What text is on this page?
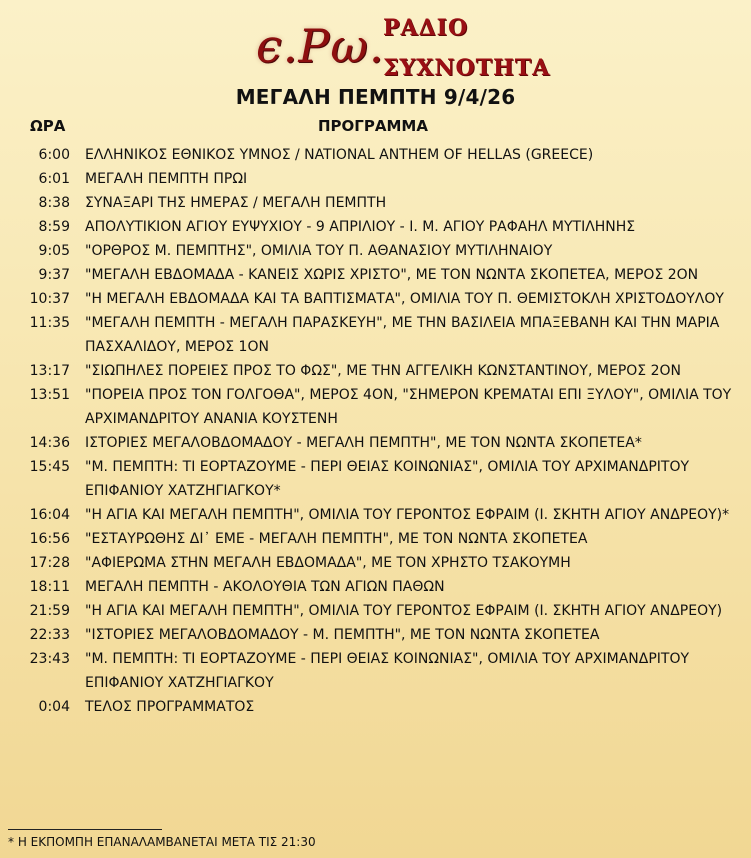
ϵ.Ρω.
ΡΑΔΙΟ
ΣΥΧΝΟΤΗΤΑ
ΜΕΓΑΛΗ ΠΕΜΠΤΗ 9/4/26
ΩΡΑ	ΠΡΟΓΡΑΜΜΑ
6:00 ΕΛΛΗΝΙΚΟΣ ΕΘΝΙΚΟΣ ΥΜΝΟΣ / NATIONAL ANTHEM OF HELLAS (GREECE)
6:01 ΜΕΓΑΛΗ ΠΕΜΠΤΗ ΠΡΩΙ
8:38 ΣΥΝΑΞΑΡΙ ΤΗΣ ΗΜΕΡΑΣ / ΜΕΓΑΛΗ ΠΕΜΠΤΗ
8:59 ΑΠΟΛΥΤΙΚΙΟΝ ΑΓΙΟΥ ΕΥΨΥΧΙΟΥ - 9 ΑΠΡΙΛΙΟΥ - Ι. Μ. ΑΓΙΟΥ ΡΑΦΑΗΛ ΜΥΤΙΛΗΝΗΣ
9:05 "ΟΡΘΡΟΣ Μ. ΠΕΜΠΤΗΣ", ΟΜΙΛΙΑ ΤΟΥ Π. ΑΘΑΝΑΣΙΟΥ ΜΥΤΙΛΗΝΑΙΟΥ
9:37 "ΜΕΓΑΛΗ ΕΒΔΟΜΑΔΑ - ΚΑΝΕΙΣ ΧΩΡΙΣ ΧΡΙΣΤΟ", ΜΕ ΤΟΝ ΝΩΝΤΑ ΣΚΟΠΕΤΕΑ, ΜΕΡΟΣ 2ΟΝ
10:37 "Η ΜΕΓΑΛΗ ΕΒΔΟΜΑΔΑ ΚΑΙ ΤΑ ΒΑΠΤΙΣΜΑΤΑ", ΟΜΙΛΙΑ ΤΟΥ Π. ΘΕΜΙΣΤΟΚΛΗ ΧΡΙΣΤΟΔΟΥΛΟΥ
11:35 "ΜΕΓΑΛΗ ΠΕΜΠΤΗ - ΜΕΓΑΛΗ ΠΑΡΑΣΚΕΥΗ", ΜΕ ΤΗΝ ΒΑΣΙΛΕΙΑ ΜΠΑΞΕΒΑΝΗ ΚΑΙ ΤΗΝ ΜΑΡΙΑ ΠΑΣΧΑΛΙΔΟΥ, ΜΕΡΟΣ 1ΟΝ
13:17 "ΣΙΩΠΗΛΕΣ ΠΟΡΕΙΕΣ ΠΡΟΣ ΤΟ ΦΩΣ", ΜΕ ΤΗΝ ΑΓΓΕΛΙΚΗ ΚΩΝΣΤΑΝΤΙΝΟΥ, ΜΕΡΟΣ 2ΟΝ
13:51 "ΠΟΡΕΙΑ ΠΡΟΣ ΤΟΝ ΓΟΛΓΟΘΑ", ΜΕΡΟΣ 4ΟΝ, "ΣΗΜΕΡΟΝ ΚΡΕΜΑΤΑΙ ΕΠΙ ΞΥΛΟΥ", ΟΜΙΛΙΑ ΤΟΥ ΑΡΧΙΜΑΝΔΡΙΤΟΥ ΑΝΑΝΙΑ ΚΟΥΣΤΕΝΗ
14:36 ΙΣΤΟΡΙΕΣ ΜΕΓΑΛΟΒΔΟΜΑΔΟΥ - ΜΕΓΑΛΗ ΠΕΜΠΤΗ", ΜΕ ΤΟΝ ΝΩΝΤΑ ΣΚΟΠΕΤΕΑ*
15:45 "Μ. ΠΕΜΠΤΗ: ΤΙ ΕΟΡΤΑΖΟΥΜΕ - ΠΕΡΙ ΘΕΙΑΣ ΚΟΙΝΩΝΙΑΣ", ΟΜΙΛΙΑ ΤΟΥ ΑΡΧΙΜΑΝΔΡΙΤΟΥ ΕΠΙΦΑΝΙΟΥ ΧΑΤΖΗΓΙΑΓΚΟΥ*
16:04 "Η ΑΓΙΑ ΚΑΙ ΜΕΓΑΛΗ ΠΕΜΠΤΗ", ΟΜΙΛΙΑ ΤΟΥ ΓΕΡΟΝΤΟΣ ΕΦΡΑΙΜ (Ι. ΣΚΗΤΗ ΑΓΙΟΥ ΑΝΔΡΕΟΥ)*
16:56 "ΕΣΤΑΥΡΩΘΗΣ ΔΙ᾽ ΕΜΕ - ΜΕΓΑΛΗ ΠΕΜΠΤΗ", ΜΕ ΤΟΝ ΝΩΝΤΑ ΣΚΟΠΕΤΕΑ
17:28 "ΑΦΙΕΡΩΜΑ ΣΤΗΝ ΜΕΓΑΛΗ ΕΒΔΟΜΑΔΑ", ΜΕ ΤΟΝ ΧΡΗΣΤΟ ΤΣΑΚΟΥΜΗ
18:11 ΜΕΓΑΛΗ ΠΕΜΠΤΗ - ΑΚΟΛΟΥΘΙΑ ΤΩΝ ΑΓΙΩΝ ΠΑΘΩΝ
21:59 "Η ΑΓΙΑ ΚΑΙ ΜΕΓΑΛΗ ΠΕΜΠΤΗ", ΟΜΙΛΙΑ ΤΟΥ ΓΕΡΟΝΤΟΣ ΕΦΡΑΙΜ (Ι. ΣΚΗΤΗ ΑΓΙΟΥ ΑΝΔΡΕΟΥ)
22:33 "ΙΣΤΟΡΙΕΣ ΜΕΓΑΛΟΒΔΟΜΑΔΟΥ - Μ. ΠΕΜΠΤΗ", ΜΕ ΤΟΝ ΝΩΝΤΑ ΣΚΟΠΕΤΕΑ
23:43 "Μ. ΠΕΜΠΤΗ: ΤΙ ΕΟΡΤΑΖΟΥΜΕ - ΠΕΡΙ ΘΕΙΑΣ ΚΟΙΝΩΝΙΑΣ", ΟΜΙΛΙΑ ΤΟΥ ΑΡΧΙΜΑΝΔΡΙΤΟΥ ΕΠΙΦΑΝΙΟΥ ΧΑΤΖΗΓΙΑΓΚΟΥ
0:04 ΤΕΛΟΣ ΠΡΟΓΡΑΜΜΑΤΟΣ
* Η ΕΚΠΟΜΠΗ ΕΠΑΝΑΛΑΜΒΑΝΕΤΑΙ ΜΕΤΑ ΤΙΣ 21:30
